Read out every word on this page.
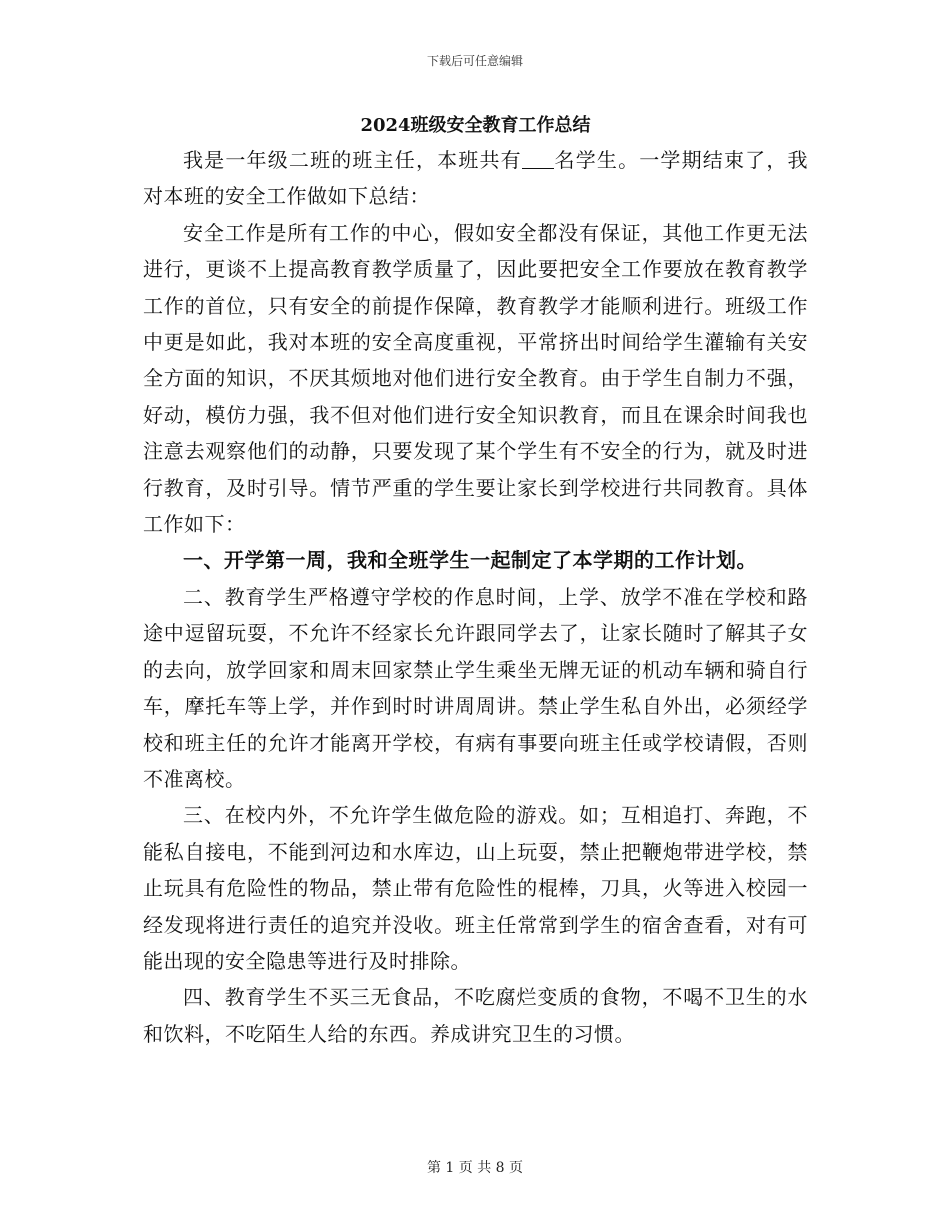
下载后可任意编辑
2024班级安全教育工作总结

我是一年级二班的班主任，本班共有 名学生。一学期结束了，我对本班的安全工作做如下总结：

安全工作是所有工作的中心，假如安全都没有保证，其他工作更无法进行，更谈不上提高教育教学质量了，因此要把安全工作要放在教育教学工作的首位，只有安全的前提作保障，教育教学才能顺利进行。班级工作中更是如此，我对本班的安全高度重视，平常挤出时间给学生灌输有关安全方面的知识，不厌其烦地对他们进行安全教育。由于学生自制力不强，好动，模仿力强，我不但对他们进行安全知识教育，而且在课余时间我也注意去观察他们的动静，只要发现了某个学生有不安全的行为，就及时进行教育，及时引导。情节严重的学生要让家长到学校进行共同教育。具体工作如下：

一、开学第一周，我和全班学生一起制定了本学期的工作计划。

二、教育学生严格遵守学校的作息时间，上学、放学不准在学校和路途中逗留玩耍，不允许不经家长允许跟同学去了，让家长随时了解其子女的去向，放学回家和周末回家禁止学生乘坐无牌无证的机动车辆和骑自行车，摩托车等上学，并作到时时讲周周讲。禁止学生私自外出，必须经学校和班主任的允许才能离开学校，有病有事要向班主任或学校请假，否则不准离校。

三、在校内外，不允许学生做危险的游戏。如；互相追打、奔跑，不能私自接电，不能到河边和水库边，山上玩耍，禁止把鞭炮带进学校，禁止玩具有危险性的物品，禁止带有危险性的棍棒，刀具，火等进入校园一经发现将进行责任的追究并没收。班主任常常到学生的宿舍查看，对有可能出现的安全隐患等进行及时排除。

四、教育学生不买三无食品，不吃腐烂变质的食物，不喝不卫生的水和饮料，不吃陌生人给的东西。养成讲究卫生的习惯。

第 1 页 共 8 页
